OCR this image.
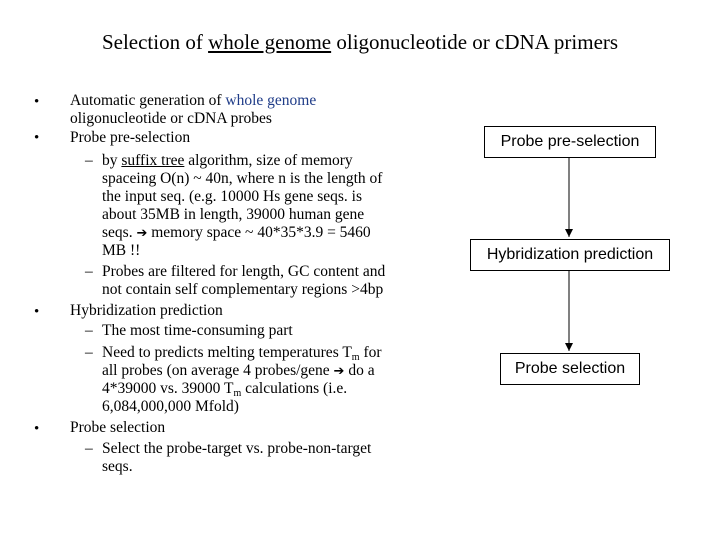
Selection of whole genome oligonucleotide or cDNA primers
• Automatic generation of whole genome
oligonucleotide or cDNA probes
• Probe pre-selection
– by suffix tree algorithm, size of memory
spaceing O(n) ~ 40n, where n is the length of
the input seq. (e.g. 10000 Hs gene seqs. is
about 35MB in length, 39000 human gene
seqs. ➔ memory space ~ 40*35*3.9 = 5460
MB !!
– Probes are filtered for length, GC content and
not contain self complementary regions >4bp
• Hybridization prediction
– The most time-consuming part
– Need to predicts melting temperatures $T_m$ for
all probes (on average 4 probes/gene ➔ do a
4*39000 vs. 39000 $T_m$ calculations (i.e.
6,084,000,000 Mfold)
• Probe selection
– Select the probe-target vs. probe-non-target
seqs.
Probe pre-selection
Hybridization prediction
Probe selection
